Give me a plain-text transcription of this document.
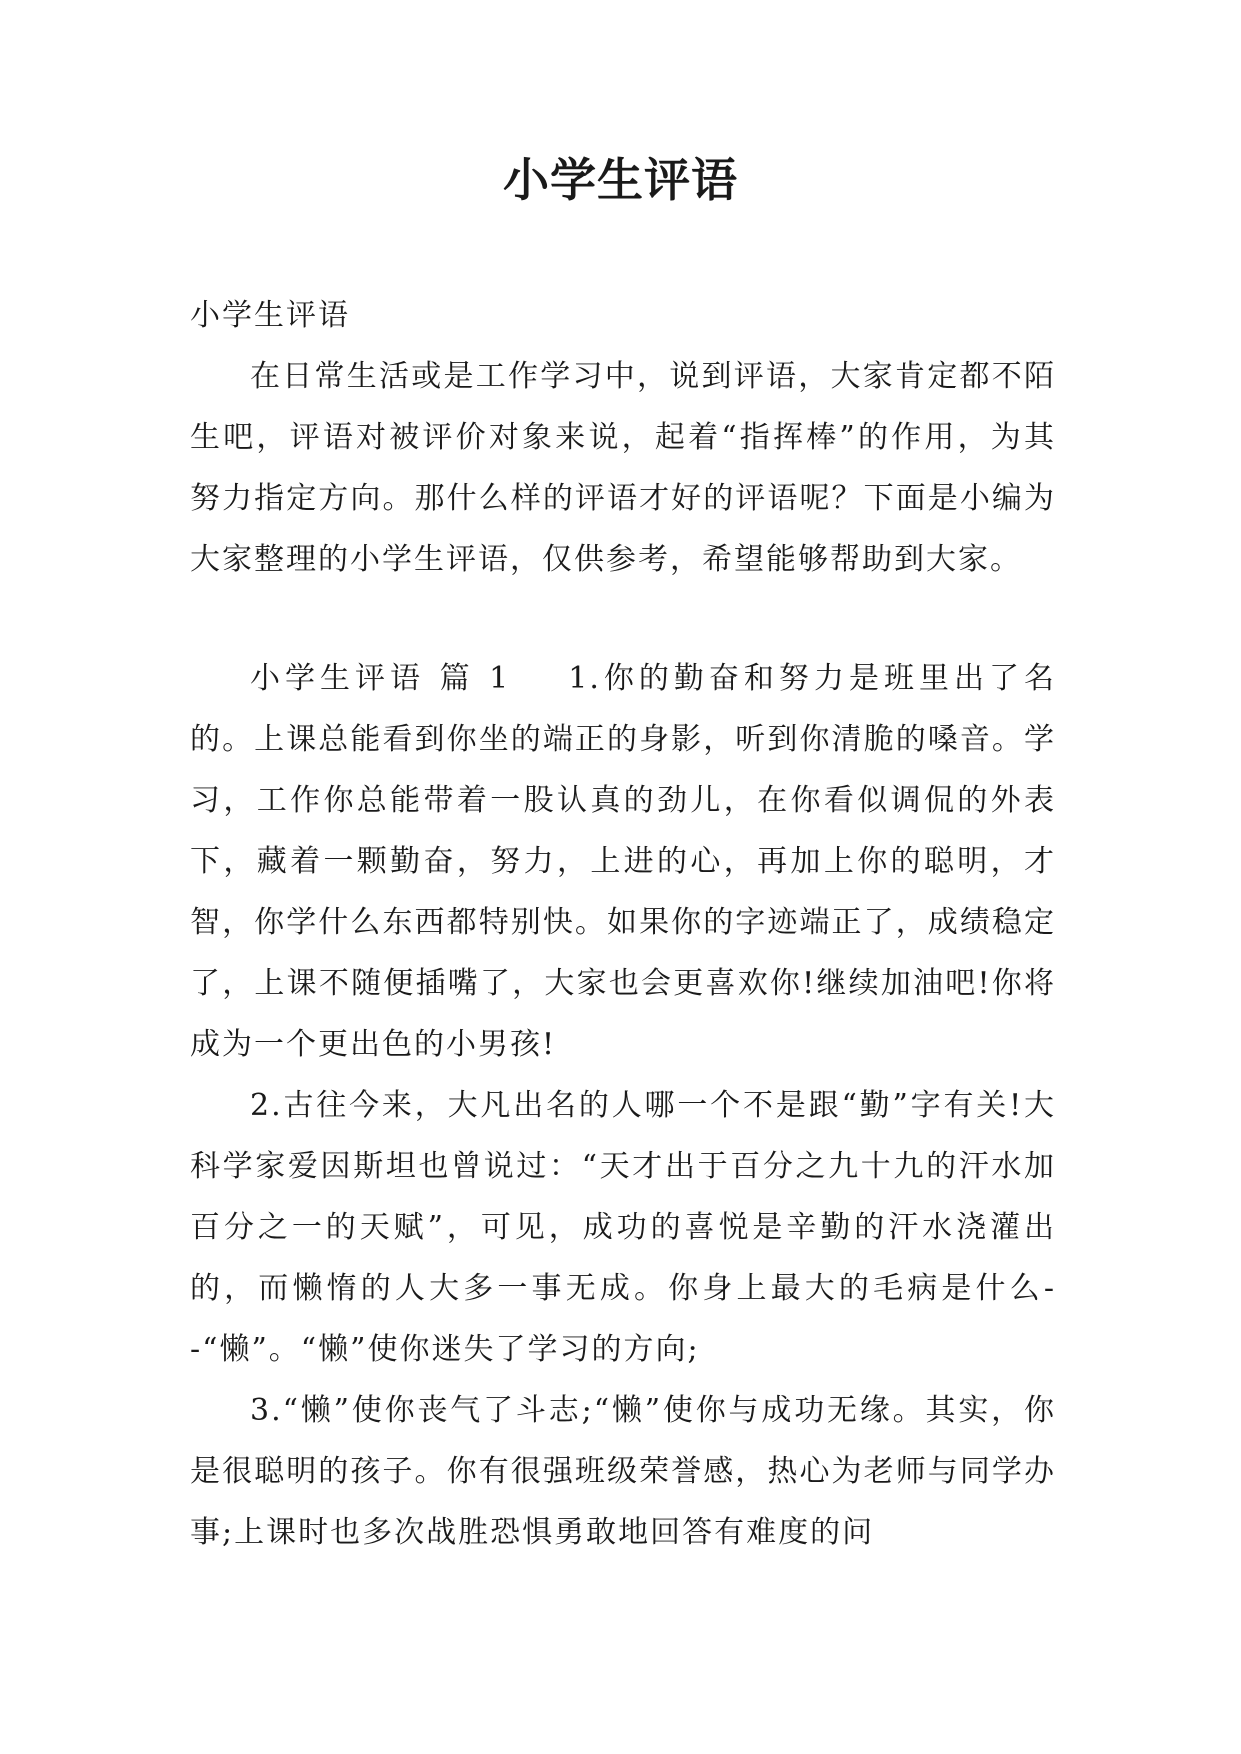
小学生评语

小学生评语

在日常生活或是工作学习中，说到评语，大家肯定都不陌生吧，评语对被评价对象来说，起着“指挥棒”的作用，为其努力指定方向。那什么样的评语才好的评语呢？下面是小编为大家整理的小学生评语，仅供参考，希望能够帮助到大家。

小学生评语 篇 1 1.你的勤奋和努力是班里出了名的。上课总能看到你坐的端正的身影，听到你清脆的嗓音。学习，工作你总能带着一股认真的劲儿，在你看似调侃的外表下，藏着一颗勤奋，努力，上进的心，再加上你的聪明，才智，你学什么东西都特别快。如果你的字迹端正了，成绩稳定了，上课不随便插嘴了，大家也会更喜欢你!继续加油吧!你将成为一个更出色的小男孩!

2.古往今来，大凡出名的人哪一个不是跟“勤”字有关!大科学家爱因斯坦也曾说过：“天才出于百分之九十九的汗水加百分之一的天赋”，可见，成功的喜悦是辛勤的汗水浇灌出的，而懒惰的人大多一事无成。你身上最大的毛病是什么--“懒”。“懒”使你迷失了学习的方向;

3.“懒”使你丧气了斗志;“懒”使你与成功无缘。其实，你是很聪明的孩子。你有很强班级荣誉感，热心为老师与同学办事;上课时也多次战胜恐惧勇敢地回答有难度的问
